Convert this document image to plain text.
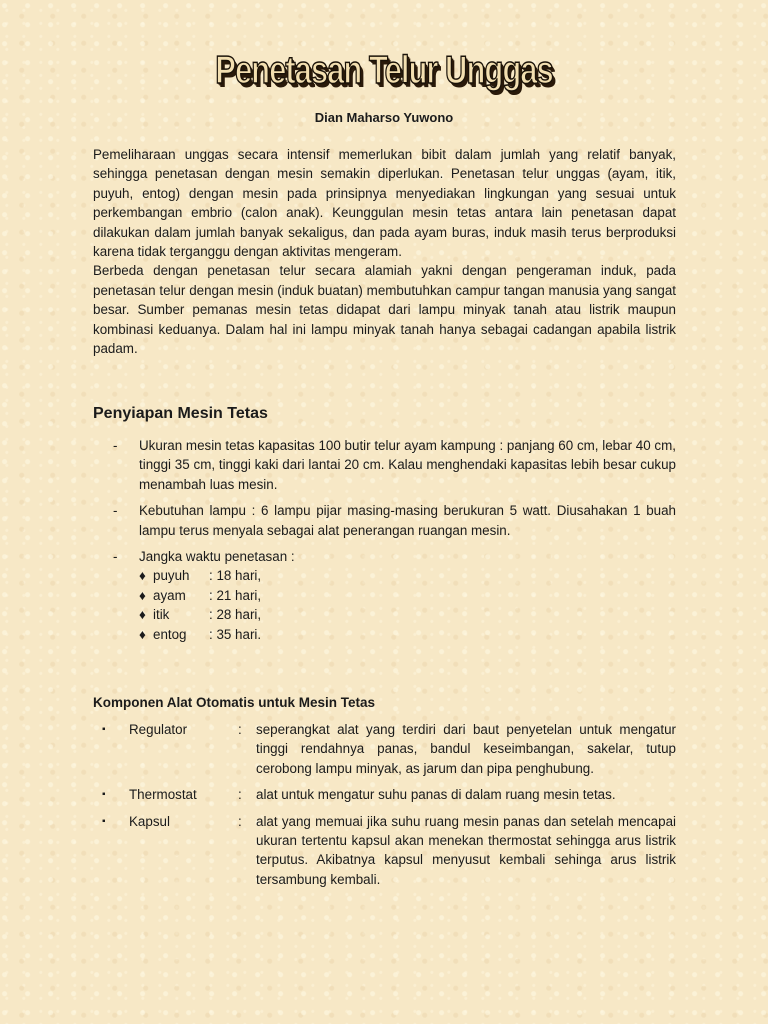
Penetasan Telur Unggas
Dian Maharso Yuwono

Pemeliharaan unggas secara intensif memerlukan bibit dalam jumlah yang relatif banyak, sehingga penetasan dengan mesin semakin diperlukan. Penetasan telur unggas (ayam, itik, puyuh, entog) dengan mesin pada prinsipnya menyediakan lingkungan yang sesuai untuk perkembangan embrio (calon anak). Keunggulan mesin tetas antara lain penetasan dapat dilakukan dalam jumlah banyak sekaligus, dan pada ayam buras, induk masih terus berproduksi karena tidak terganggu dengan aktivitas mengeram.

Berbeda dengan penetasan telur secara alamiah yakni dengan pengeraman induk, pada penetasan telur dengan mesin (induk buatan) membutuhkan campur tangan manusia yang sangat besar. Sumber pemanas mesin tetas didapat dari lampu minyak tanah atau listrik maupun kombinasi keduanya. Dalam hal ini lampu minyak tanah hanya sebagai cadangan apabila listrik padam.

Penyiapan Mesin Tetas
- Ukuran mesin tetas kapasitas 100 butir telur ayam kampung : panjang 60 cm, lebar 40 cm, tinggi 35 cm, tinggi kaki dari lantai 20 cm. Kalau menghendaki kapasitas lebih besar cukup menambah luas mesin.
- Kebutuhan lampu : 6 lampu pijar masing-masing berukuran 5 watt. Diusahakan 1 buah lampu terus menyala sebagai alat penerangan ruangan mesin.
- Jangka waktu penetasan :
♦ puyuh	: 18 hari,
♦ ayam	: 21 hari,
♦ itik	: 28 hari,
♦ entog	: 35 hari.
Komponen Alat Otomatis untuk Mesin Tetas
▪	Regulator	:	seperangkat alat yang terdiri dari baut penyetelan untuk mengatur tinggi rendahnya panas, bandul keseimbangan, sakelar, tutup cerobong lampu minyak, as jarum dan pipa penghubung.
▪	Thermostat	:	alat untuk mengatur suhu panas di dalam ruang mesin tetas.
▪	Kapsul	:	alat yang memuai jika suhu ruang mesin panas dan setelah mencapai ukuran tertentu kapsul akan menekan thermostat sehingga arus listrik terputus. Akibatnya kapsul menyusut kembali sehinga arus listrik tersambung kembali.
